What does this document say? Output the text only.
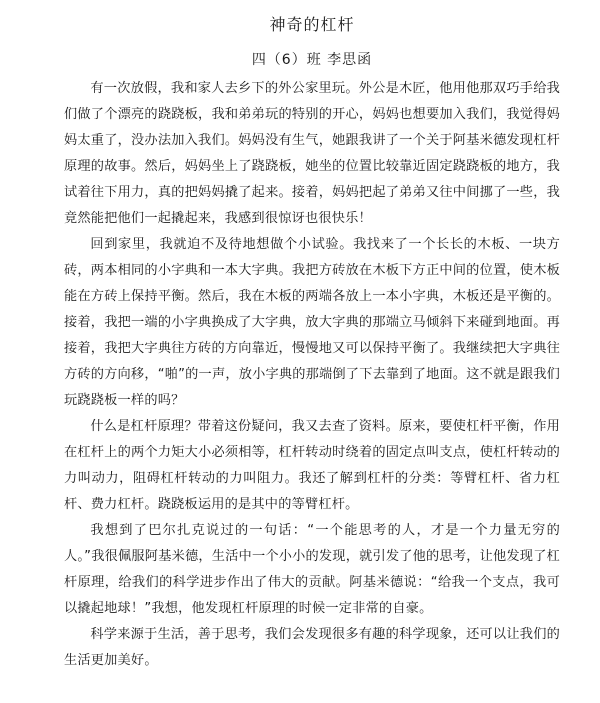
神奇的杠杆
四（6）班 李思函

有一次放假，我和家人去乡下的外公家里玩。外公是木匠，他用他那双巧手给我们做了个漂亮的跷跷板，我和弟弟玩的特别的开心，妈妈也想要加入我们，我觉得妈妈太重了，没办法加入我们。妈妈没有生气，她跟我讲了一个关于阿基米德发现杠杆原理的故事。然后，妈妈坐上了跷跷板，她坐的位置比较靠近固定跷跷板的地方，我试着往下用力，真的把妈妈撬了起来。接着，妈妈把起了弟弟又往中间挪了一些，我竟然能把他们一起撬起来，我感到很惊讶也很快乐！

回到家里，我就迫不及待地想做个小试验。我找来了一个长长的木板、一块方砖，两本相同的小字典和一本大字典。我把方砖放在木板下方正中间的位置，使木板能在方砖上保持平衡。然后，我在木板的两端各放上一本小字典，木板还是平衡的。接着，我把一端的小字典换成了大字典，放大字典的那端立马倾斜下来碰到地面。再接着，我把大字典往方砖的方向靠近，慢慢地又可以保持平衡了。我继续把大字典往方砖的方向移，“啪”的一声，放小字典的那端倒了下去靠到了地面。这不就是跟我们玩跷跷板一样的吗？

什么是杠杆原理？带着这份疑问，我又去查了资料。原来，要使杠杆平衡，作用在杠杆上的两个力矩大小必须相等，杠杆转动时绕着的固定点叫支点，使杠杆转动的力叫动力，阻碍杠杆转动的力叫阻力。我还了解到杠杆的分类：等臂杠杆、省力杠杆、费力杠杆。跷跷板运用的是其中的等臂杠杆。

我想到了巴尔扎克说过的一句话：“一个能思考的人，才是一个力量无穷的人。”我很佩服阿基米德，生活中一个小小的发现，就引发了他的思考，让他发现了杠杆原理，给我们的科学进步作出了伟大的贡献。阿基米德说：“给我一个支点，我可以撬起地球！”我想，他发现杠杆原理的时候一定非常的自豪。

科学来源于生活，善于思考，我们会发现很多有趣的科学现象，还可以让我们的生活更加美好。
